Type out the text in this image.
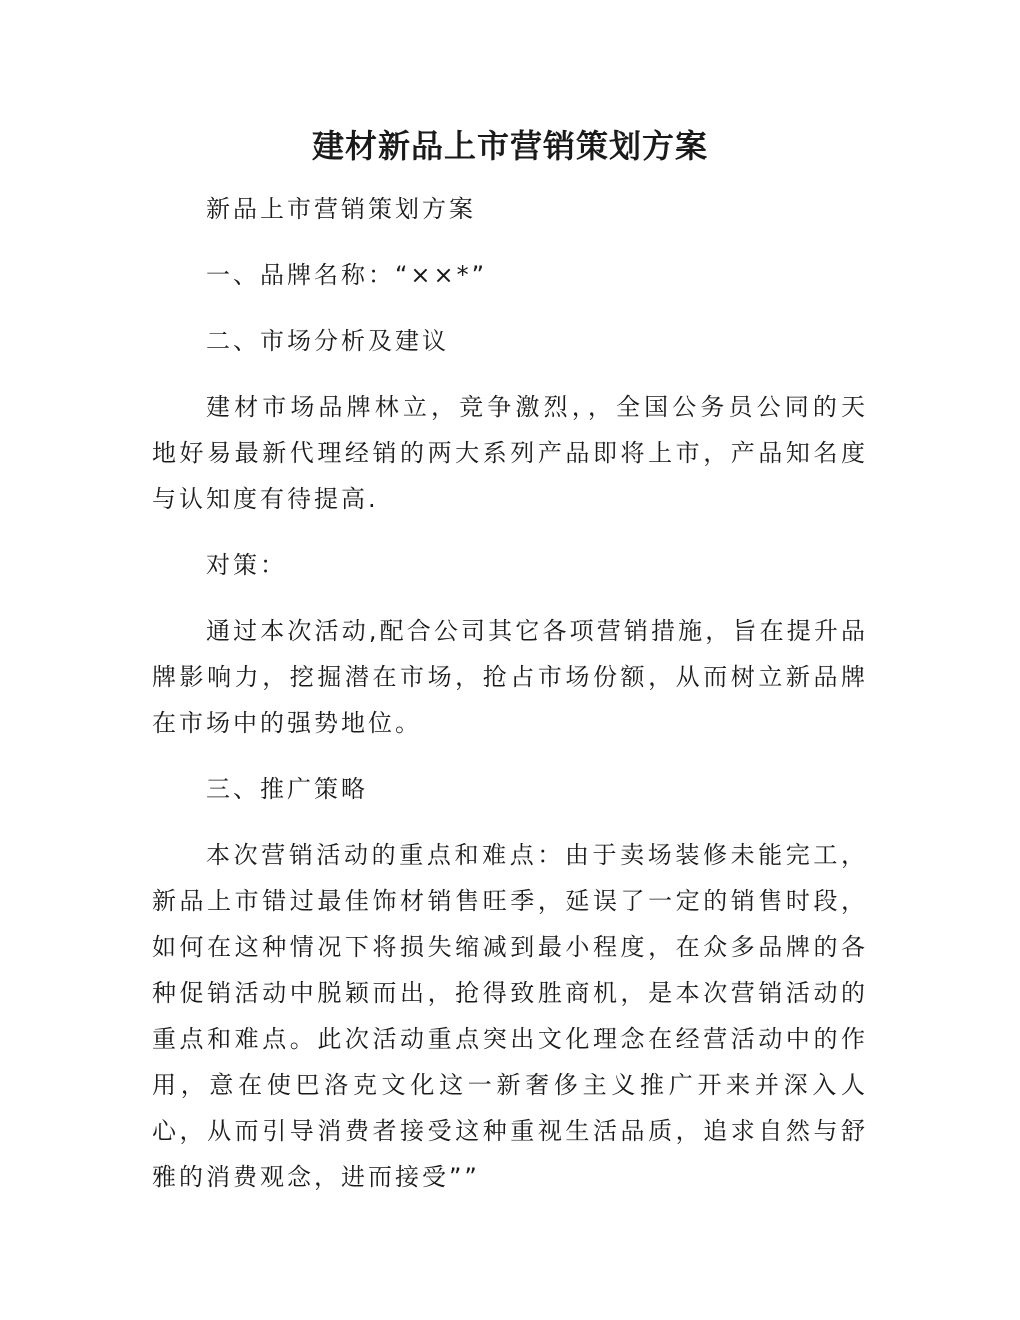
建材新品上市营销策划方案

新品上市营销策划方案

一、品牌名称：“××*”

二、市场分析及建议

建材市场品牌林立，竞争激烈，，全国公务员公同的天地好易最新代理经销的两大系列产品即将上市，产品知名度与认知度有待提高.

对策：

通过本次活动,配合公司其它各项营销措施，旨在提升品牌影响力，挖掘潜在市场，抢占市场份额，从而树立新品牌在市场中的强势地位。

三、推广策略

本次营销活动的重点和难点：由于卖场装修未能完工，新品上市错过最佳饰材销售旺季，延误了一定的销售时段，如何在这种情况下将损失缩减到最小程度，在众多品牌的各种促销活动中脱颖而出，抢得致胜商机，是本次营销活动的重点和难点。此次活动重点突出文化理念在经营活动中的作用，意在使巴洛克文化这一新奢侈主义推广开来并深入人心，从而引导消费者接受这种重视生活品质，追求自然与舒雅的消费观念，进而接受””
